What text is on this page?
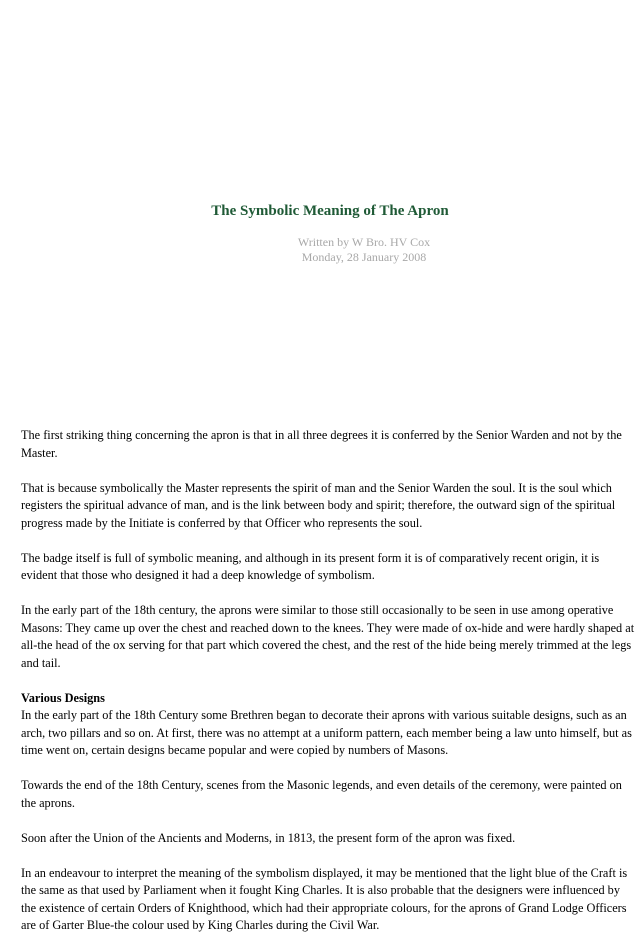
The Symbolic Meaning of The Apron
Written by W Bro. HV Cox
Monday, 28 January 2008

The first striking thing concerning the apron is that in all three degrees it is conferred by the Senior Warden and not by the Master.

That is because symbolically the Master represents the spirit of man and the Senior Warden the soul. It is the soul which registers the spiritual advance of man, and is the link between body and spirit; therefore, the outward sign of the spiritual progress made by the Initiate is conferred by that Officer who represents the soul.

The badge itself is full of symbolic meaning, and although in its present form it is of comparatively recent origin, it is evident that those who designed it had a deep knowledge of symbolism.

In the early part of the 18th century, the aprons were similar to those still occasionally to be seen in use among operative Masons: They came up over the chest and reached down to the knees. They were made of ox-hide and were hardly shaped at all-the head of the ox serving for that part which covered the chest, and the rest of the hide being merely trimmed at the legs and tail.

Various Designs
In the early part of the 18th Century some Brethren began to decorate their aprons with various suitable designs, such as an arch, two pillars and so on. At first, there was no attempt at a uniform pattern, each member being a law unto himself, but as time went on, certain designs became popular and were copied by numbers of Masons.

Towards the end of the 18th Century, scenes from the Masonic legends, and even details of the ceremony, were painted on the aprons.

Soon after the Union of the Ancients and Moderns, in 1813, the present form of the apron was fixed.

In an endeavour to interpret the meaning of the symbolism displayed, it may be mentioned that the light blue of the Craft is the same as that used by Parliament when it fought King Charles. It is also probable that the designers were influenced by the existence of certain Orders of Knighthood, which had their appropriate colours, for the aprons of Grand Lodge Officers are of Garter Blue-the colour used by King Charles during the Civil War.
